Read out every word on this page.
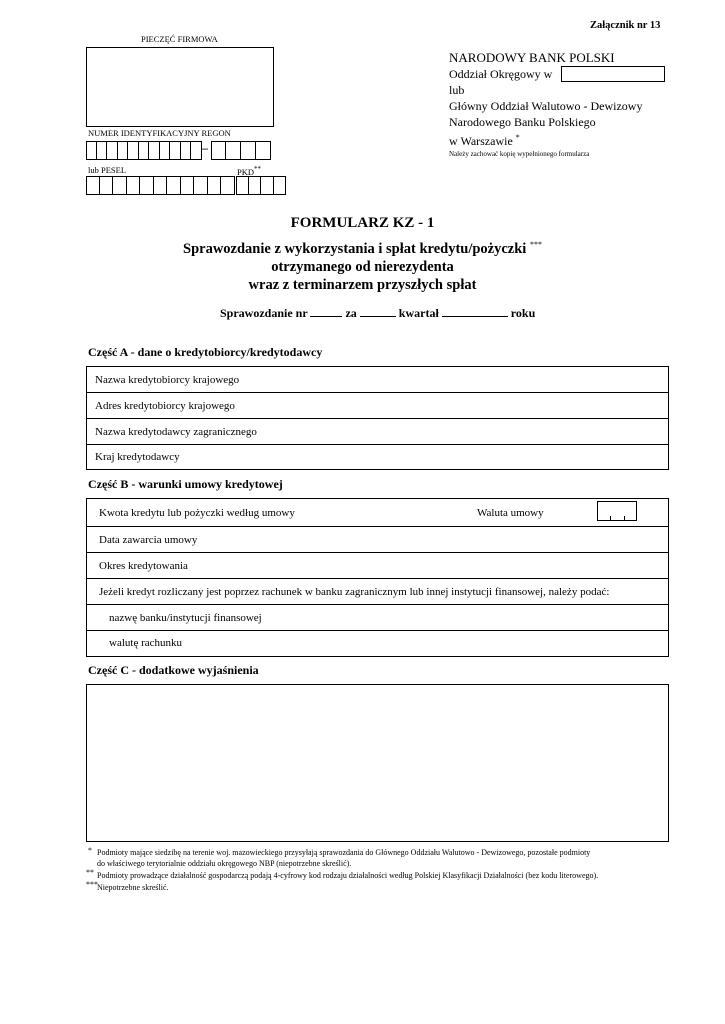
Załącznik nr 13
PIECZĘĆ FIRMOWA
NUMER IDENTYFIKACYJNY REGON
–
lub PESEL	PKD**
NARODOWY BANK POLSKI
Oddział Okręgowy w
lub
Główny Oddział Walutowo - Dewizowy
Narodowego Banku Polskiego
w Warszawie *
Należy zachować kopię wypełnionego formularza
FORMULARZ KZ - 1
Sprawozdanie z wykorzystania i spłat kredytu/pożyczki ***
otrzymanego od nierezydenta
wraz z terminarzem przyszłych spłat
Sprawozdanie nr	za	kwartał	roku
Część A - dane o kredytobiorcy/kredytodawcy
Nazwa kredytobiorcy krajowego
Adres kredytobiorcy krajowego
Nazwa kredytodawcy zagranicznego
Kraj kredytodawcy
Część B - warunki umowy kredytowej
Kwota kredytu lub pożyczki według umowy	Waluta umowy
Data zawarcia umowy
Okres kredytowania
Jeżeli kredyt rozliczany jest poprzez rachunek w banku zagranicznym lub innej instytucji finansowej, należy podać:
nazwę banku/instytucji finansowej
walutę rachunku
Część C - dodatkowe wyjaśnienia
* Podmioty mające siedzibę na terenie woj. mazowieckiego przysyłają sprawozdania do Głównego Oddziału Walutowo - Dewizowego, pozostałe podmioty
do właściwego terytorialnie oddziału okręgowego NBP (niepotrzebne skreślić).
** Podmioty prowadzące działalność gospodarczą podają 4-cyfrowy kod rodzaju działalności według Polskiej Klasyfikacji Działalności (bez kodu literowego).
*** Niepotrzebne skreślić.
